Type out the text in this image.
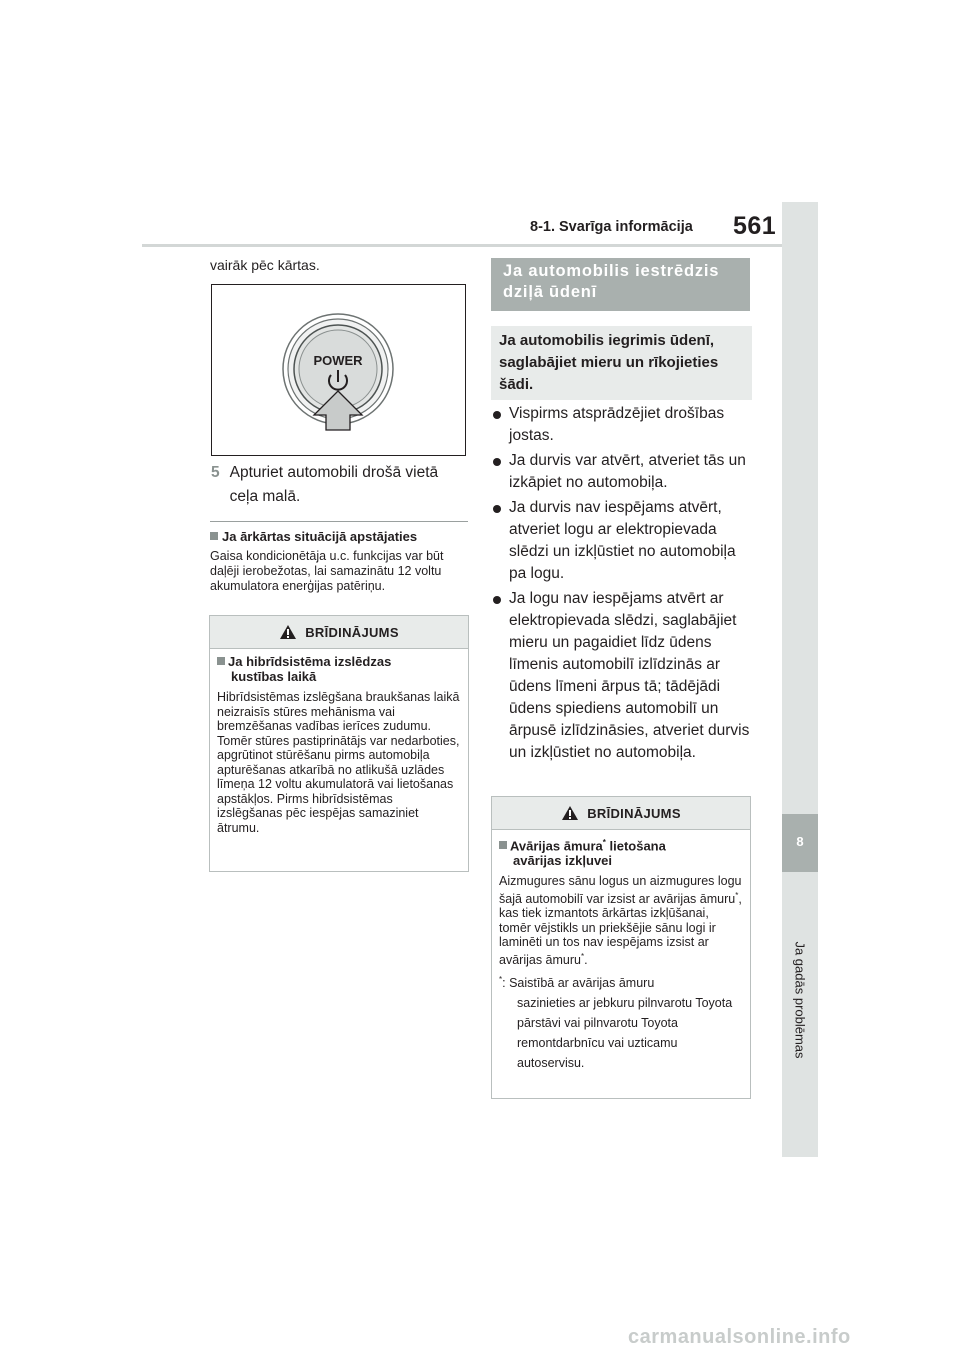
8-1. Svarīga informācija 561
8
Ja gadās problēmas
vairāk pēc kārtas.
POWER
5 Apturiet automobili drošā vietā ceļa malā.
Ja ārkārtas situācijā apstājaties
Gaisa kondicionētāja u.c. funkcijas var būt daļēji ierobežotas, lai samazinātu 12 voltu akumulatora enerģijas patēriņu.
BRĪDINĀJUMS
Ja hibrīdsistēma izslēdzas
kustības laikā
Hibrīdsistēmas izslēgšana braukšanas laikā neizraisīs stūres mehānisma vai bremzēšanas vadības ierīces zudumu. Tomēr stūres pastiprinātājs var nedarboties, apgrūtinot stūrēšanu pirms automobiļa apturēšanas atkarībā no atlikušā uzlādes līmeņa 12 voltu akumulatorā vai lietošanas apstākļos. Pirms hibrīdsistēmas izslēgšanas pēc iespējas samaziniet ātrumu.
Ja automobilis iestrēdzis dziļā ūdenī
Ja automobilis iegrimis ūdenī, saglabājiet mieru un rīkojieties šādi.

Vispirms atsprādzējiet drošības jostas.

Ja durvis var atvērt, atveriet tās un izkāpiet no automobiļa.

Ja durvis nav iespējams atvērt, atveriet logu ar elektropievada slēdzi un izkļūstiet no automobiļa pa logu.

Ja logu nav iespējams atvērt ar elektropievada slēdzi, saglabājiet mieru un pagaidiet līdz ūdens līmenis automobilī izlīdzinās ar ūdens līmeni ārpus tā; tādējādi ūdens spiediens automobilī un ārpusē izlīdzināsies, atveriet durvis un izkļūstiet no automobiļa.

BRĪDINĀJUMS
Avārijas āmura* lietošana
avārijas izkļuvei
Aizmugures sānu logus un aizmugures logu šajā automobilī var izsist ar avārijas āmuru*, kas tiek izmantots ārkārtas izkļūšanai, tomēr vējstikls un priekšējie sānu logi ir laminēti un tos nav iespējams izsist ar avārijas āmuru*.
*: Saistībā ar avārijas āmuru
sazinieties ar jebkuru pilnvarotu Toyota pārstāvi vai pilnvarotu Toyota remontdarbnīcu vai uzticamu autoservisu.
carmanualsonline.info
